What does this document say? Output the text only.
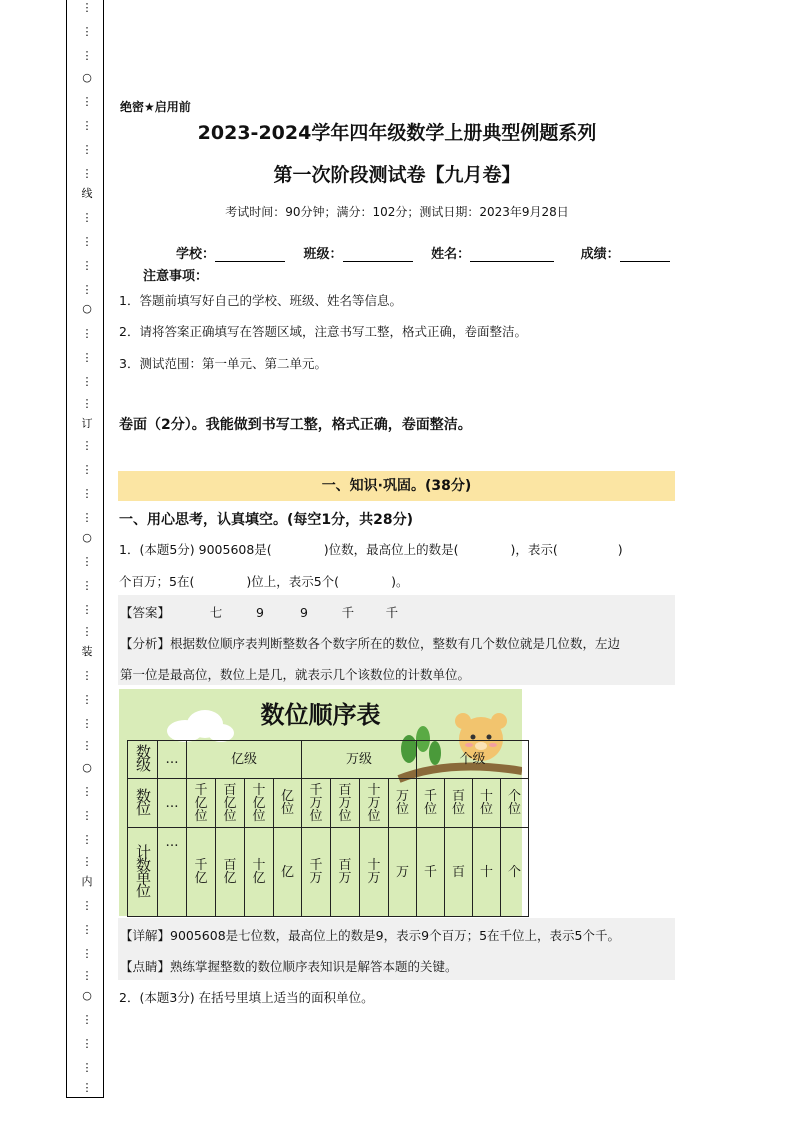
⋮
⋮
⋮
○
⋮
⋮
⋮
⋮
线
⋮
⋮
⋮
⋮
○
⋮
⋮
⋮
⋮
订
⋮
⋮
⋮
⋮
○
⋮
⋮
⋮
⋮
装
⋮
⋮
⋮
⋮
○
⋮
⋮
⋮
⋮
内
⋮
⋮
⋮
⋮
○
⋮
⋮
⋮
⋮
绝密★启用前
2023-2024学年四年级数学上册典型例题系列
第一次阶段测试卷【九月卷】
考试时间：90分钟；满分：102分；测试日期：2023年9月28日
学校：	班级：	姓名：	成绩：
注意事项：
1．答题前填写好自己的学校、班级、姓名等信息。
2．请将答案正确填写在答题区域，注意书写工整，格式正确，卷面整洁。
3．测试范围：第一单元、第二单元。
卷面（2分）。我能做到书写工整，格式正确，卷面整洁。
一、知识·巩固。(38分)
一、用心思考，认真填空。(每空1分，共28分)
1．(本题5分) 9005608是(	)位数，最高位上的数是(	)，表示(	)
个百万；5在(	)位上，表示5个(	)。
【答案】	七	9	9	千	千
【分析】根据数位顺序表判断整数各个数字所在的数位，整数有几个数位就是几位数，左边
第一位是最高位，数位上是几，就表示几个该数位的计数单位。
数位顺序表
数级	…	亿级				万级				个级			
数位	…	千亿位	百亿位	十亿位	亿位	千万位	百万位	十万位	万位	千位	百位	十位	个位
计数单位	…	千亿	百亿	十亿	亿	千万	百万	十万	万	千	百	十	个
【详解】9005608是七位数，最高位上的数是9，表示9个百万；5在千位上，表示5个千。
【点睛】熟练掌握整数的数位顺序表知识是解答本题的关键。
2．(本题3分) 在括号里填上适当的面积单位。
